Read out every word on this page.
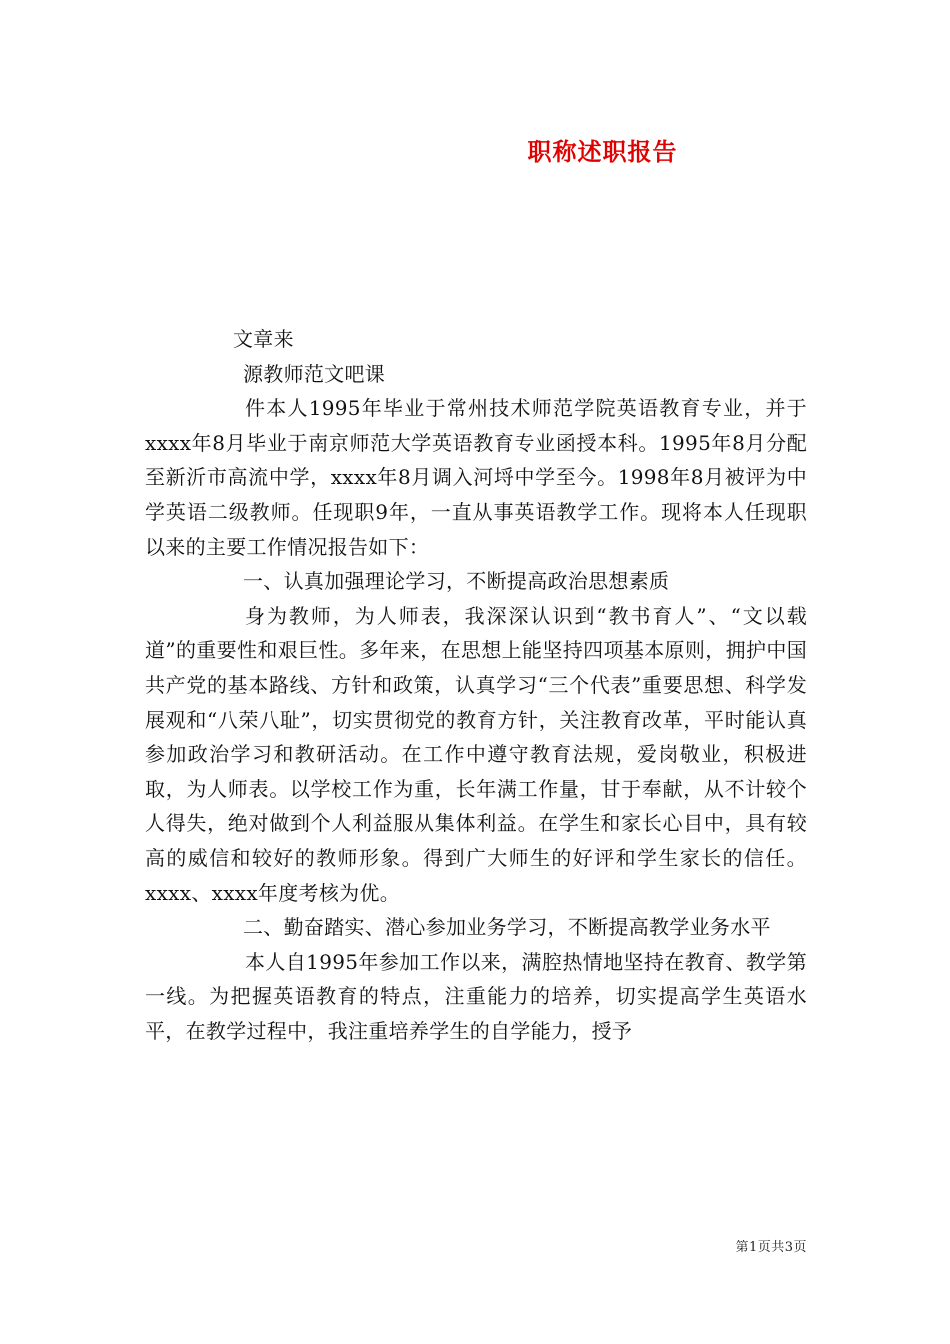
职称述职报告

文章来

源教师范文吧课

件本人1995年毕业于常州技术师范学院英语教育专业，并于xxxx年8月毕业于南京师范大学英语教育专业函授本科。1995年8月分配至新沂市高流中学，xxxx年8月调入河埒中学至今。1998年8月被评为中学英语二级教师。任现职9年，一直从事英语教学工作。现将本人任现职以来的主要工作情况报告如下：

一、认真加强理论学习，不断提高政治思想素质

身为教师，为人师表，我深深认识到“教书育人”、“文以载道”的重要性和艰巨性。多年来，在思想上能坚持四项基本原则，拥护中国共产党的基本路线、方针和政策，认真学习“三个代表”重要思想、科学发展观和“八荣八耻”，切实贯彻党的教育方针，关注教育改革，平时能认真参加政治学习和教研活动。在工作中遵守教育法规，爱岗敬业，积极进取，为人师表。以学校工作为重，长年满工作量，甘于奉献，从不计较个人得失，绝对做到个人利益服从集体利益。在学生和家长心目中，具有较高的威信和较好的教师形象。得到广大师生的好评和学生家长的信任。xxxx、xxxx年度考核为优。

二、勤奋踏实、潜心参加业务学习，不断提高教学业务水平

本人自1995年参加工作以来，满腔热情地坚持在教育、教学第一线。为把握英语教育的特点，注重能力的培养，切实提高学生英语水平，在教学过程中，我注重培养学生的自学能力，授予

第1页共3页
